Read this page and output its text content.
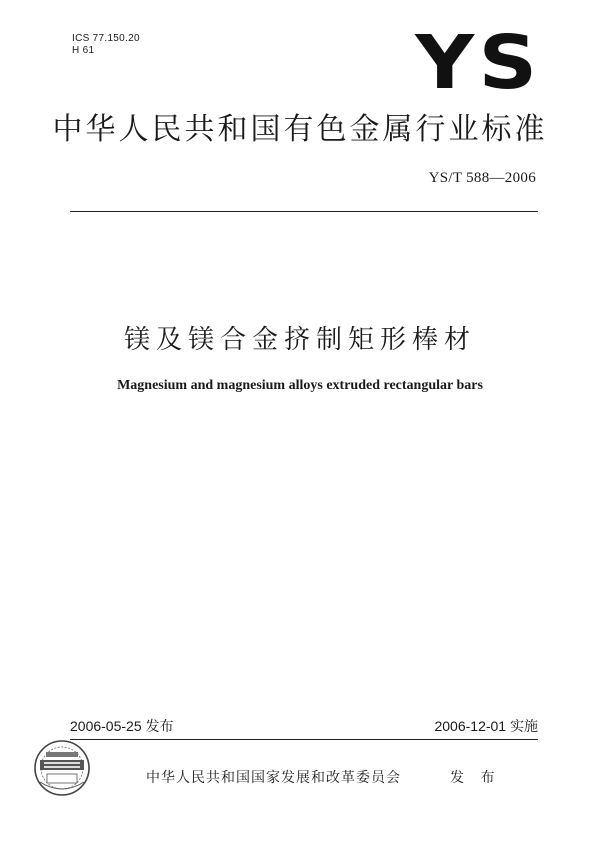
ICS 77.150.20
H 61	YS
中华人民共和国有色金属行业标准
YS/T 588—2006
镁及镁合金挤制矩形棒材
Magnesium and magnesium alloys extruded rectangular bars
2006-05-25 发布	2006-12-01 实施
中华人民共和国国家发展和改革委员会	发 布
